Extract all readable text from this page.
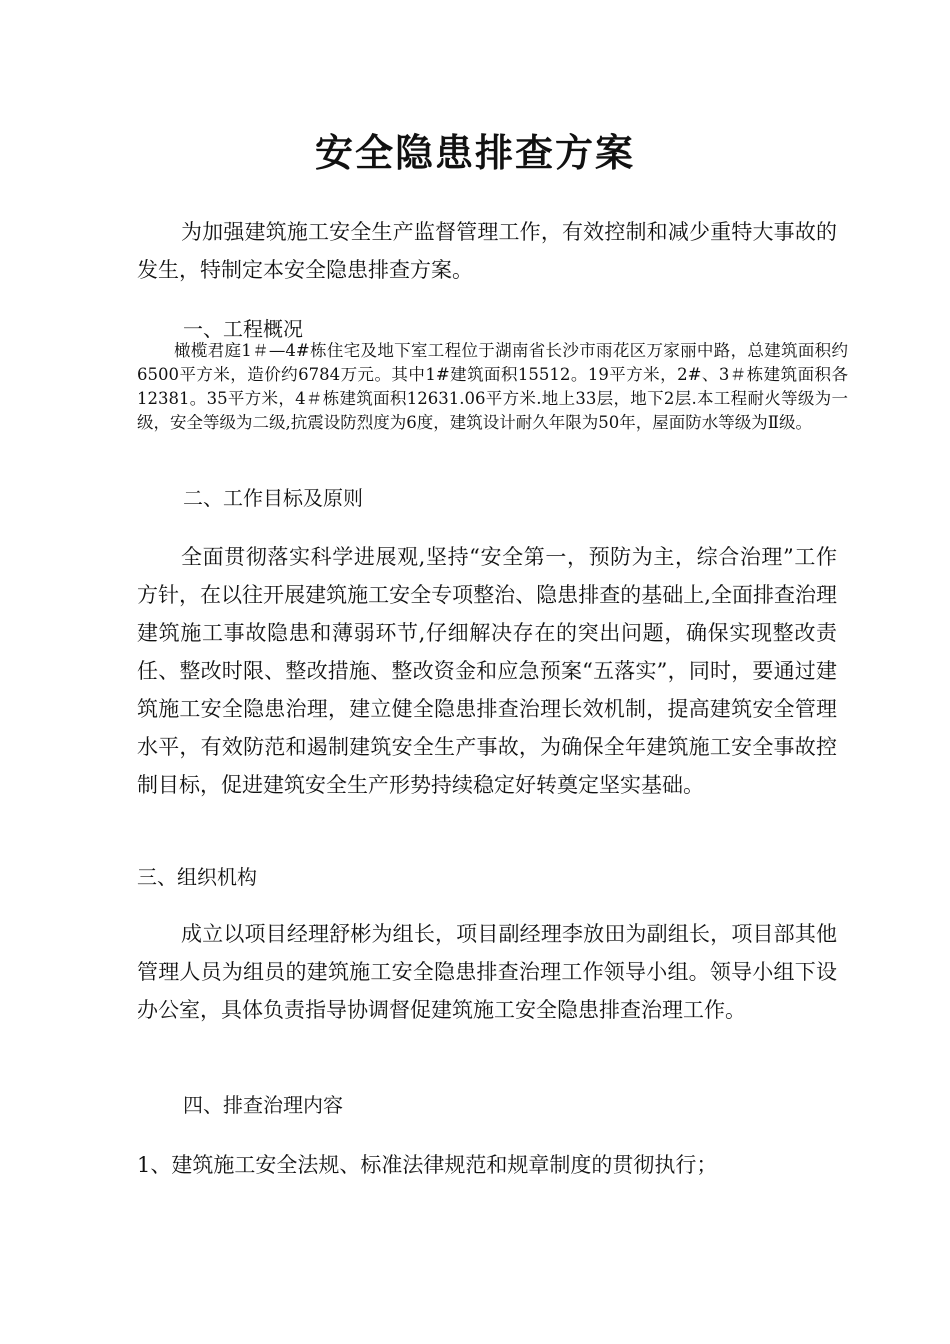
安全隐患排查方案

为加强建筑施工安全生产监督管理工作，有效控制和减少重特大事故的发生，特制定本安全隐患排查方案。

一、工程概况

橄榄君庭1＃—4#栋住宅及地下室工程位于湖南省长沙市雨花区万家丽中路，总建筑面积约6500平方米，造价约6784万元。其中1#建筑面积15512。19平方米，2#、3＃栋建筑面积各12381。35平方米，4＃栋建筑面积12631.06平方米.地上33层，地下2层.本工程耐火等级为一级，安全等级为二级,抗震设防烈度为6度，建筑设计耐久年限为50年，屋面防水等级为Ⅱ级。

二、工作目标及原则

全面贯彻落实科学进展观,坚持“安全第一，预防为主，综合治理”工作方针，在以往开展建筑施工安全专项整治、隐患排查的基础上,全面排查治理建筑施工事故隐患和薄弱环节,仔细解决存在的突出问题，确保实现整改责任、整改时限、整改措施、整改资金和应急预案“五落实”，同时，要通过建筑施工安全隐患治理，建立健全隐患排查治理长效机制，提高建筑安全管理水平，有效防范和遏制建筑安全生产事故，为确保全年建筑施工安全事故控制目标，促进建筑安全生产形势持续稳定好转奠定坚实基础。

三、组织机构

成立以项目经理舒彬为组长，项目副经理李放田为副组长，项目部其他管理人员为组员的建筑施工安全隐患排查治理工作领导小组。领导小组下设办公室，具体负责指导协调督促建筑施工安全隐患排查治理工作。

四、排查治理内容

1、建筑施工安全法规、标准法律规范和规章制度的贯彻执行；
